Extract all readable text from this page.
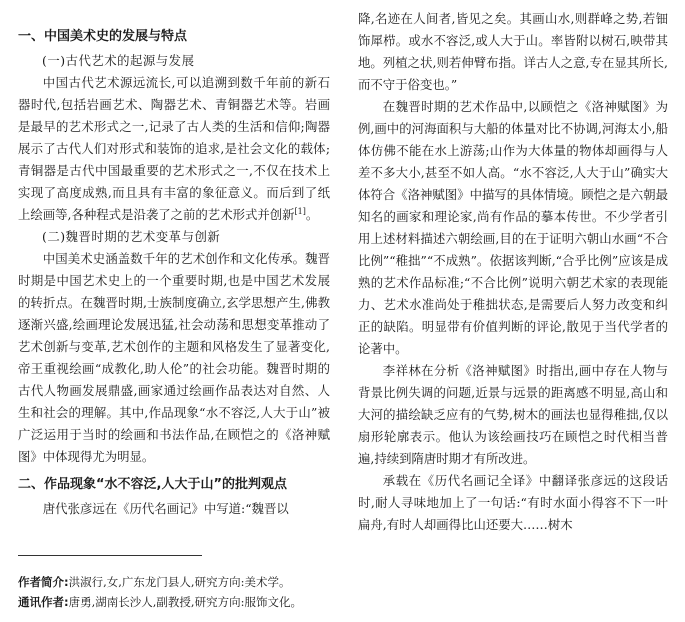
一、中国美术史的发展与特点
(一)古代艺术的起源与发展

中国古代艺术源远流长,可以追溯到数千年前的新石器时代,包括岩画艺术、陶器艺术、青铜器艺术等。岩画是最早的艺术形式之一,记录了古人类的生活和信仰;陶器展示了古代人们对形式和装饰的追求,是社会文化的载体;青铜器是古代中国最重要的艺术形式之一,不仅在技术上实现了高度成熟,而且具有丰富的象征意义。而后到了纸上绘画等,各种程式是沿袭了之前的艺术形式并创新[1]。

(二)魏晋时期的艺术变革与创新

中国美术史涵盖数千年的艺术创作和文化传承。魏晋时期是中国艺术史上的一个重要时期,也是中国艺术发展的转折点。在魏晋时期,士族制度确立,玄学思想产生,佛教逐渐兴盛,绘画理论发展迅猛,社会动荡和思想变革推动了艺术创新与变革,艺术创作的主题和风格发生了显著变化,帝王重视绘画“成教化,助人伦”的社会功能。魏晋时期的古代人物画发展鼎盛,画家通过绘画作品表达对自然、人生和社会的理解。其中,作品现象“水不容泛,人大于山”被广泛运用于当时的绘画和书法作品,在顾恺之的《洛神赋图》中体现得尤为明显。

二、作品现象“水不容泛,人大于山”的批判观点

唐代张彦远在《历代名画记》中写道:“魏晋以

降,名迹在人间者,皆见之矣。其画山水,则群峰之势,若钿饰犀栉。或水不容泛,或人大于山。率皆附以树石,映带其地。列植之状,则若伸臂布指。详古人之意,专在显其所长,而不守于俗变也。”

在魏晋时期的艺术作品中,以顾恺之《洛神赋图》为例,画中的河海面积与大船的体量对比不协调,河海太小,船体仿佛不能在水上游荡;山作为大体量的物体却画得与人差不多大小,甚至不如人高。“水不容泛,人大于山”确实大体符合《洛神赋图》中描写的具体情境。顾恺之是六朝最知名的画家和理论家,尚有作品的摹本传世。不少学者引用上述材料描述六朝绘画,目的在于证明六朝山水画“不合比例”“稚拙”“不成熟”。依据该判断,“合乎比例”应该是成熟的艺术作品标准;“不合比例”说明六朝艺术家的表现能力、艺术水准尚处于稚拙状态,是需要后人努力改变和纠正的缺陷。明显带有价值判断的评论,散见于当代学者的论著中。

李祥林在分析《洛神赋图》时指出,画中存在人物与背景比例失调的问题,近景与远景的距离感不明显,高山和大河的描绘缺乏应有的气势,树木的画法也显得稚拙,仅以扇形轮廓表示。他认为该绘画技巧在顾恺之时代相当普遍,持续到隋唐时期才有所改进。

承载在《历代名画记全译》中翻译张彦远的这段话时,耐人寻味地加上了一句话:“有时水面小得容不下一叶扁舟,有时人却画得比山还要大……树木

作者简介:洪淑行,女,广东龙门县人,研究方向:美术学。
通讯作者:唐勇,湖南长沙人,副教授,研究方向:服饰文化。
